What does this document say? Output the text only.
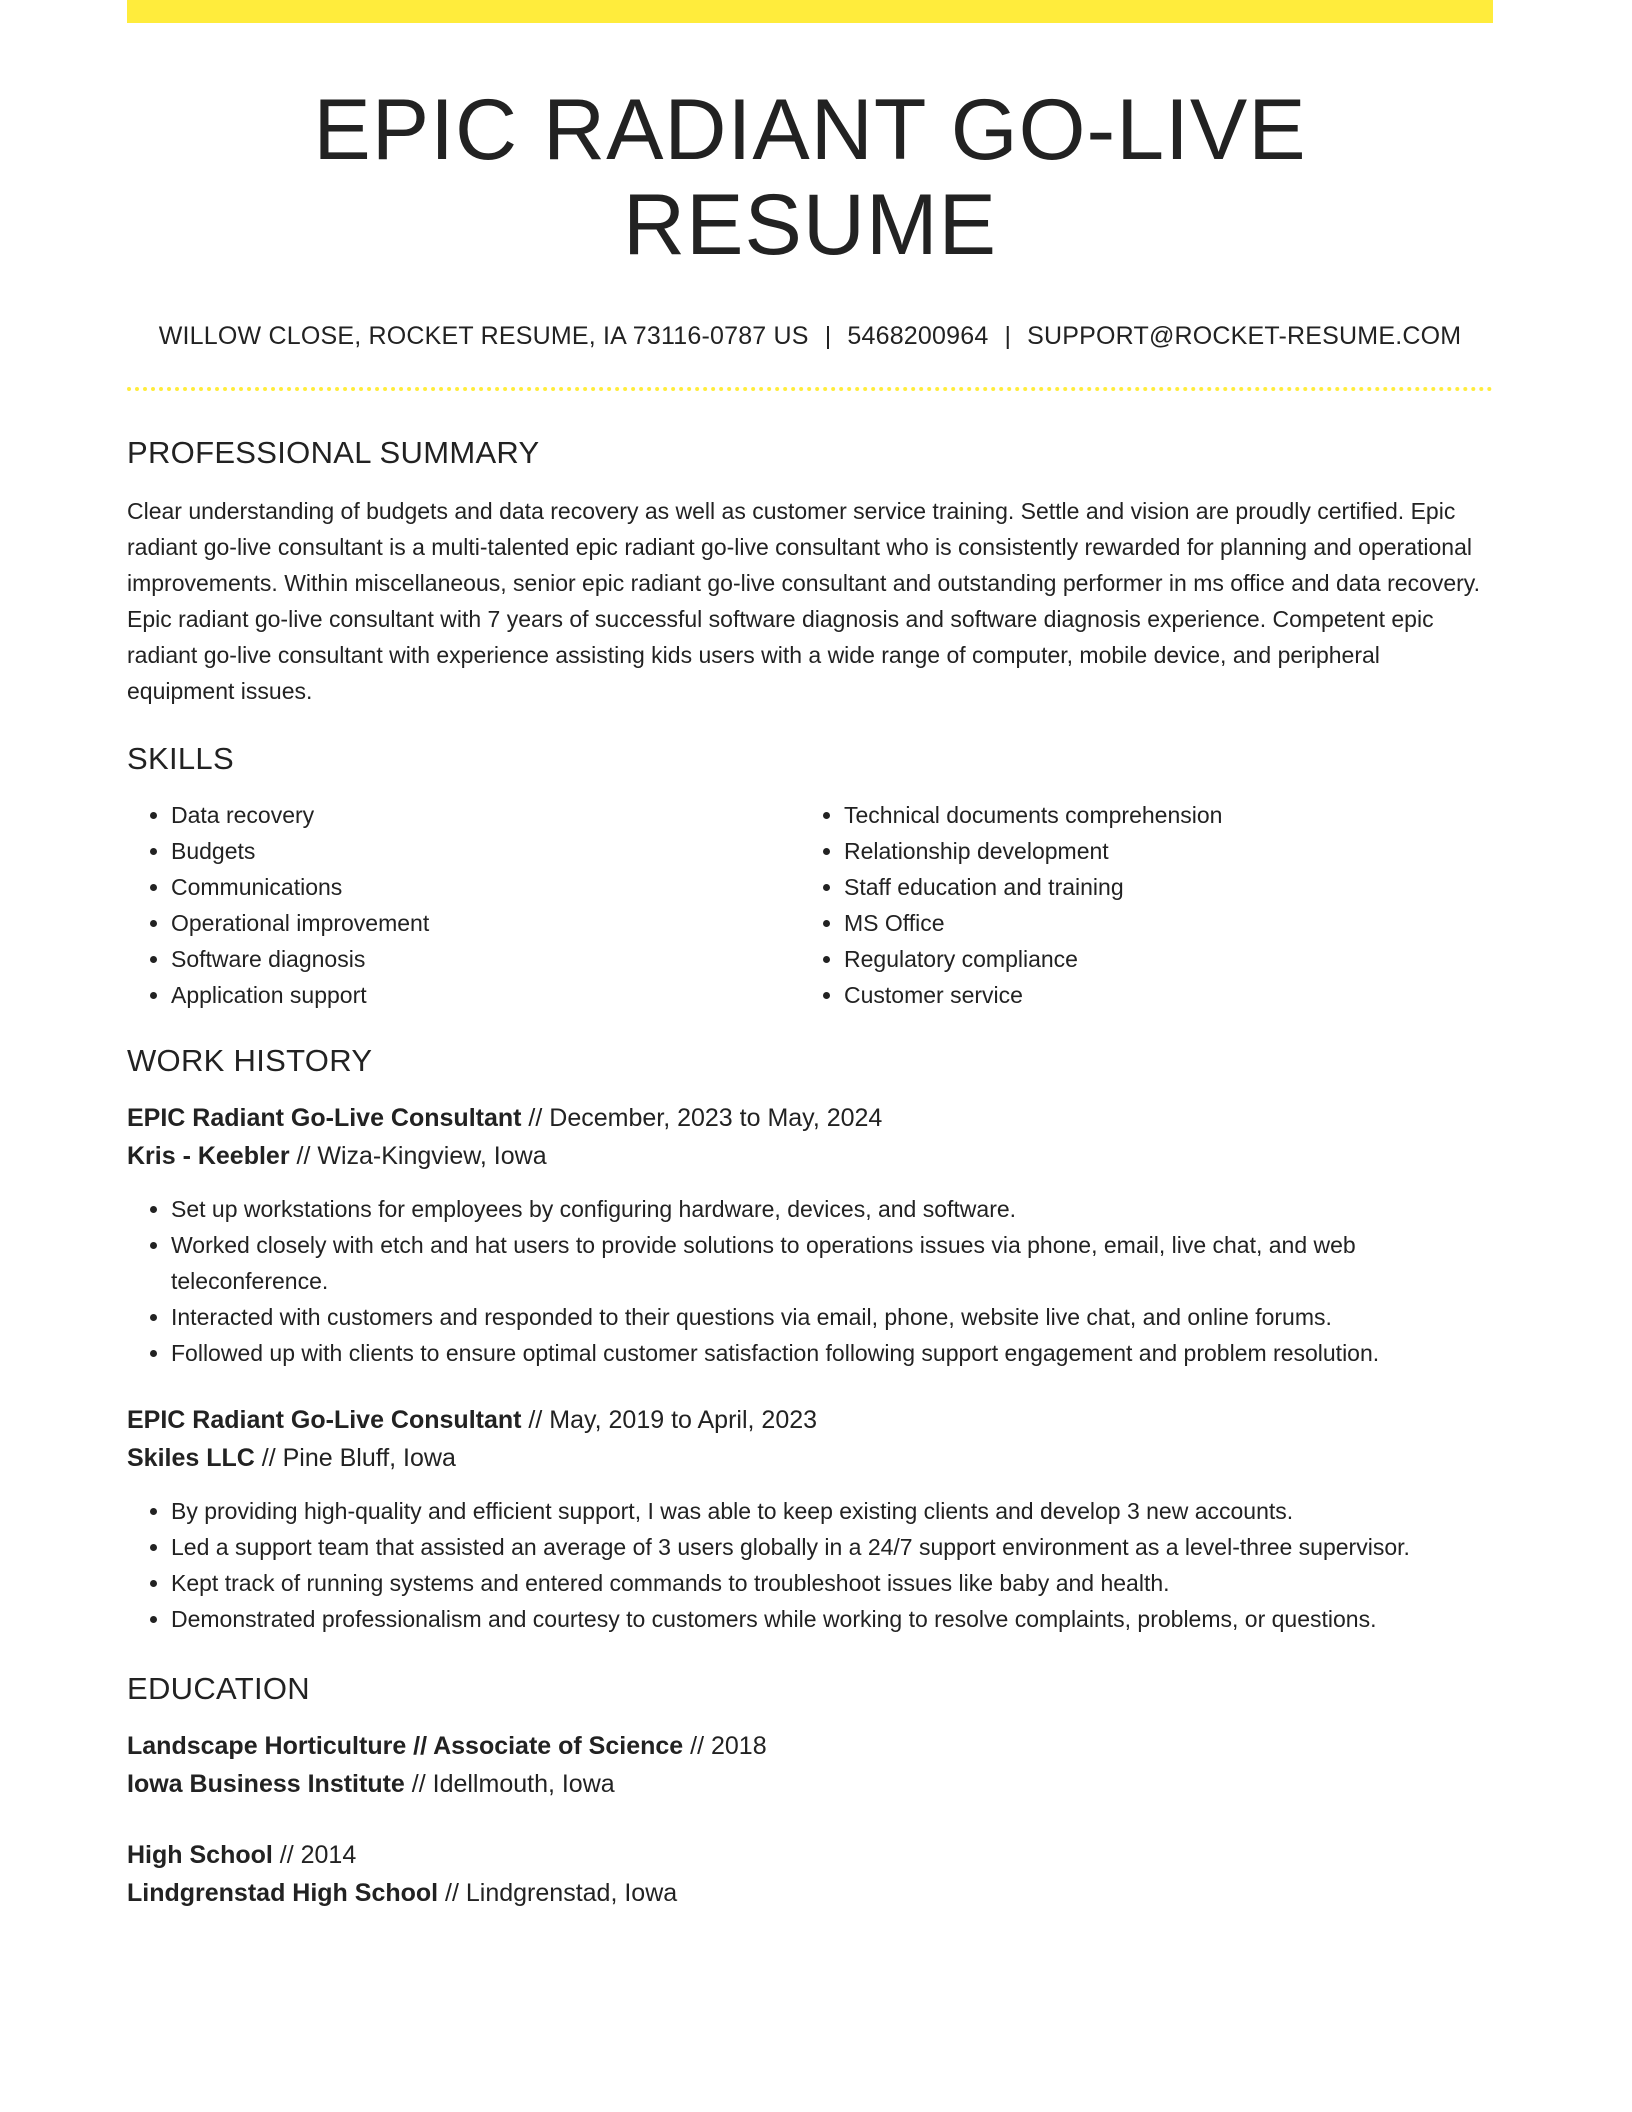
EPIC RADIANT GO-LIVE RESUME
WILLOW CLOSE, ROCKET RESUME, IA 73116-0787 US | 5468200964 | SUPPORT@ROCKET-RESUME.COM
PROFESSIONAL SUMMARY

Clear understanding of budgets and data recovery as well as customer service training. Settle and vision are proudly certified. Epic radiant go-live consultant is a multi-talented epic radiant go-live consultant who is consistently rewarded for planning and operational improvements. Within miscellaneous, senior epic radiant go-live consultant and outstanding performer in ms office and data recovery. Epic radiant go-live consultant with 7 years of successful software diagnosis and software diagnosis experience. Competent epic radiant go-live consultant with experience assisting kids users with a wide range of computer, mobile device, and peripheral equipment issues.

SKILLS
• Data recovery
• Budgets
• Communications
• Operational improvement
• Software diagnosis
• Application support
• Technical documents comprehension
• Relationship development
• Staff education and training
• MS Office
• Regulatory compliance
• Customer service
WORK HISTORY
EPIC Radiant Go-Live Consultant // December, 2023 to May, 2024
Kris - Keebler // Wiza-Kingview, Iowa
• Set up workstations for employees by configuring hardware, devices, and software.
• Worked closely with etch and hat users to provide solutions to operations issues via phone, email, live chat, and web teleconference.
• Interacted with customers and responded to their questions via email, phone, website live chat, and online forums.
• Followed up with clients to ensure optimal customer satisfaction following support engagement and problem resolution.
EPIC Radiant Go-Live Consultant // May, 2019 to April, 2023
Skiles LLC // Pine Bluff, Iowa
• By providing high-quality and efficient support, I was able to keep existing clients and develop 3 new accounts.
• Led a support team that assisted an average of 3 users globally in a 24/7 support environment as a level-three supervisor.
• Kept track of running systems and entered commands to troubleshoot issues like baby and health.
• Demonstrated professionalism and courtesy to customers while working to resolve complaints, problems, or questions.
EDUCATION
Landscape Horticulture // Associate of Science // 2018
Iowa Business Institute // Idellmouth, Iowa
High School // 2014
Lindgrenstad High School // Lindgrenstad, Iowa
